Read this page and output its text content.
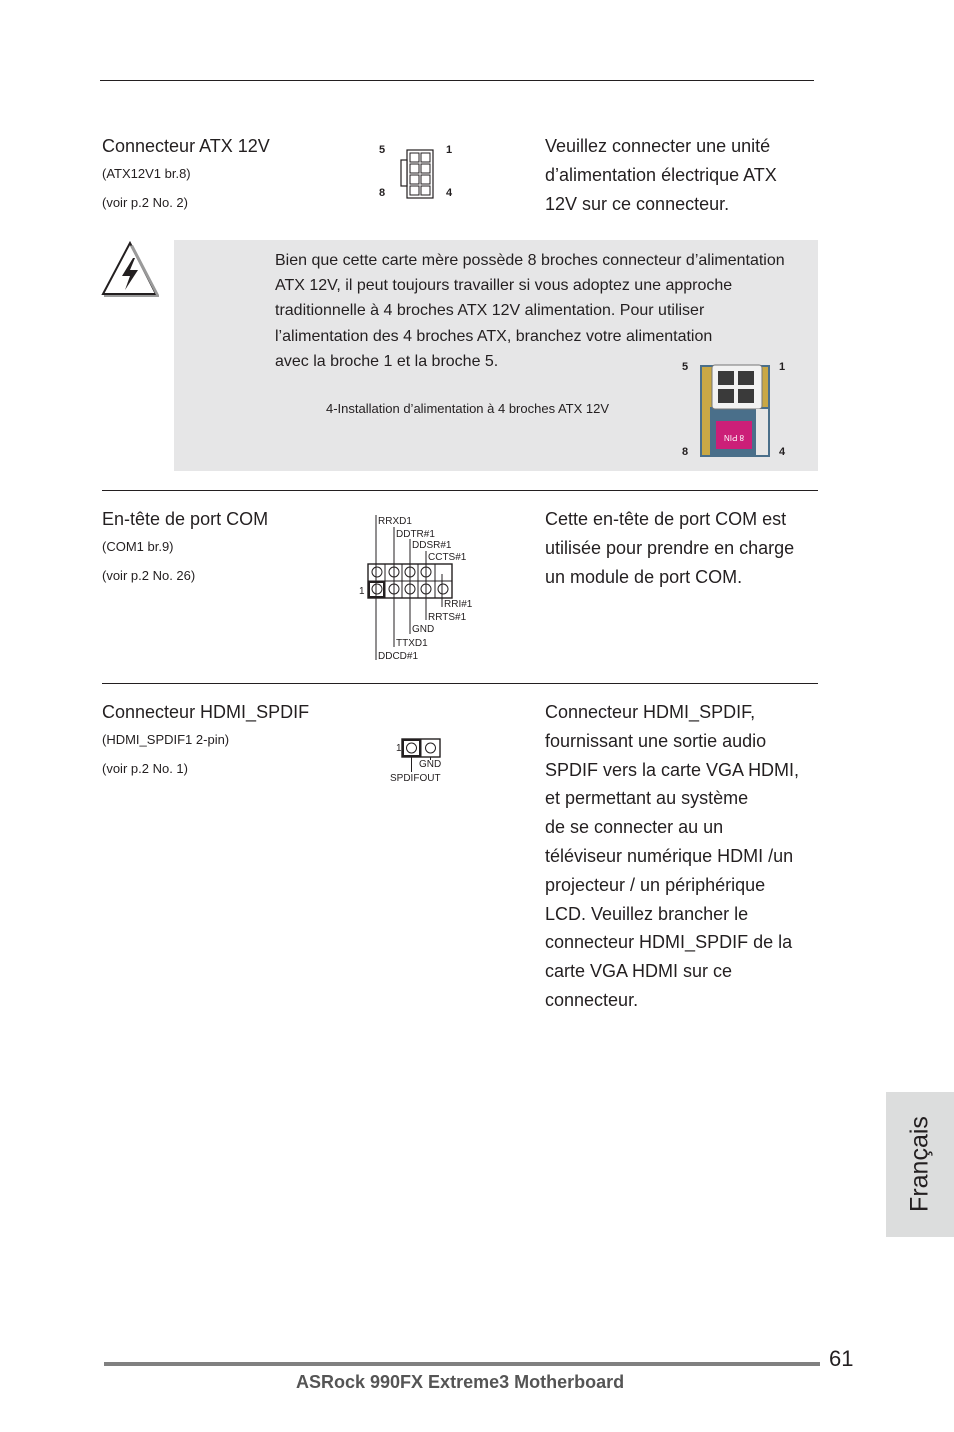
Connecteur ATX 12V
(ATX12V1 br.8)
(voir p.2 No. 2)
5	1
8	4
Veuillez connecter une unité
d’alimentation électrique ATX
12V sur ce connecteur.
Bien que cette carte mère possède 8 broches connecteur d’alimentation
ATX 12V, il peut toujours travailler si vous adoptez une approche
traditionnelle à 4 broches ATX 12V alimentation. Pour utiliser
l’alimentation des 4 broches ATX, branchez votre alimentation
avec la broche 1 et la broche 5.
4-Installation d’alimentation à 4 broches ATX 12V
5	1
8	4
8 PIN
En-tête de port COM
(COM1 br.9)
(voir p.2 No. 26)
RRXD1
DDTR#1
DDSR#1
CCTS#1
1
RRI#1
RRTS#1
GND
TTXD1
DDCD#1
Cette en-tête de port COM est
utilisée pour prendre en charge
un module de port COM.
Connecteur HDMI_SPDIF
(HDMI_SPDIF1 2-pin)
(voir p.2 No. 1)
1
GND
SPDIFOUT
Connecteur HDMI_SPDIF,
fournissant une sortie audio
SPDIF vers la carte VGA HDMI,
et permettant au système
de se connecter au un
téléviseur numérique HDMI /un
projecteur / un périphérique
LCD. Veuillez brancher le
connecteur HDMI_SPDIF de la
carte VGA HDMI sur ce
connecteur.
Français
61
ASRock 990FX Extreme3 Motherboard
